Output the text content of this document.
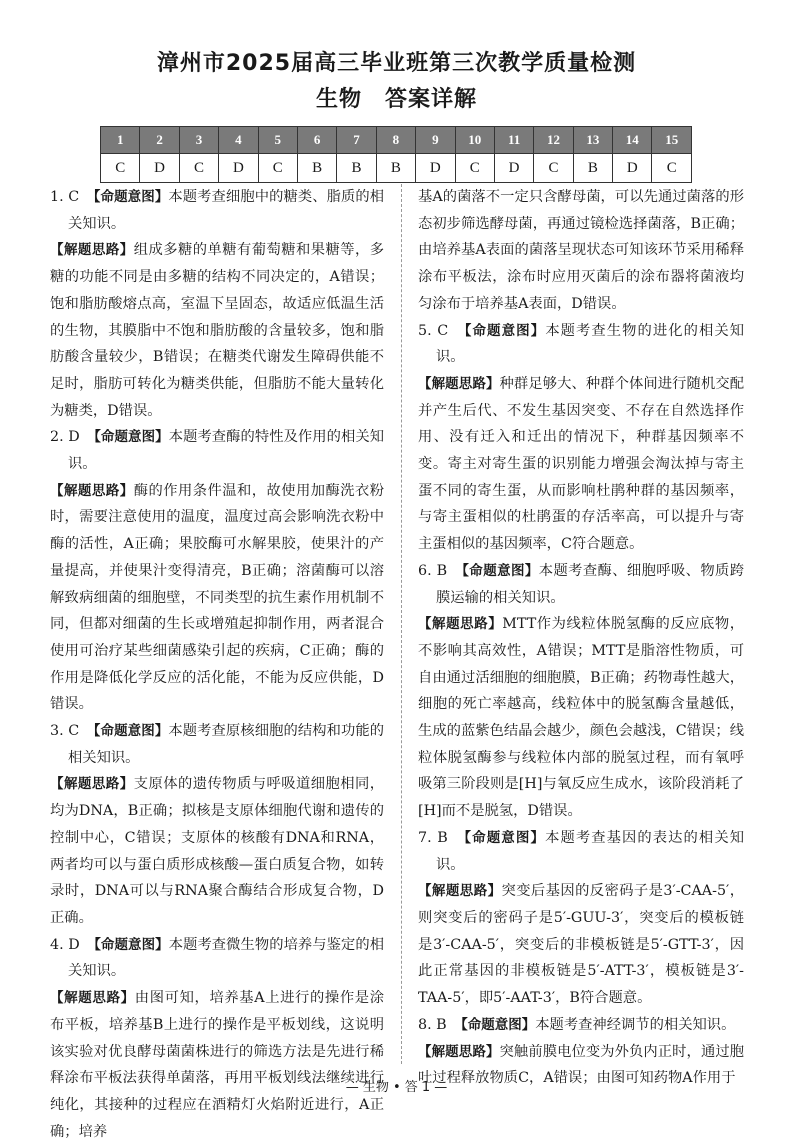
漳州市2025届高三毕业班第三次教学质量检测
生物　答案详解
1	2	3	4	5	6	7	8	9	10	11	12	13	14	15
C	D	C	D	C	B	B	B	D	C	D	C	B	D	C

1. C　【命题意图】本题考查细胞中的糖类、脂质的相关知识。

【解题思路】组成多糖的单糖有葡萄糖和果糖等，多糖的功能不同是由多糖的结构不同决定的，A错误；饱和脂肪酸熔点高，室温下呈固态，故适应低温生活的生物，其膜脂中不饱和脂肪酸的含量较多，饱和脂肪酸含量较少，B错误；在糖类代谢发生障碍供能不足时，脂肪可转化为糖类供能，但脂肪不能大量转化为糖类，D错误。

2. D　【命题意图】本题考查酶的特性及作用的相关知识。

【解题思路】酶的作用条件温和，故使用加酶洗衣粉时，需要注意使用的温度，温度过高会影响洗衣粉中酶的活性，A正确；果胶酶可水解果胶，使果汁的产量提高，并使果汁变得清亮，B正确；溶菌酶可以溶解致病细菌的细胞壁，不同类型的抗生素作用机制不同，但都对细菌的生长或增殖起抑制作用，两者混合使用可治疗某些细菌感染引起的疾病，C正确；酶的作用是降低化学反应的活化能，不能为反应供能，D错误。

3. C　【命题意图】本题考查原核细胞的结构和功能的相关知识。

【解题思路】支原体的遗传物质与呼吸道细胞相同，均为DNA，B正确；拟核是支原体细胞代谢和遗传的控制中心，C错误；支原体的核酸有DNA和RNA，两者均可以与蛋白质形成核酸—蛋白质复合物，如转录时，DNA可以与RNA聚合酶结合形成复合物，D正确。

4. D　【命题意图】本题考查微生物的培养与鉴定的相关知识。

【解题思路】由图可知，培养基A上进行的操作是涂布平板，培养基B上进行的操作是平板划线，这说明该实验对优良酵母菌菌株进行的筛选方法是先进行稀释涂布平板法获得单菌落，再用平板划线法继续进行纯化，其接种的过程应在酒精灯火焰附近进行，A正确；培养

基A的菌落不一定只含酵母菌，可以先通过菌落的形态初步筛选酵母菌，再通过镜检选择菌落，B正确；由培养基A表面的菌落呈现状态可知该环节采用稀释涂布平板法，涂布时应用灭菌后的涂布器将菌液均匀涂布于培养基A表面，D错误。

5. C　【命题意图】本题考查生物的进化的相关知识。

【解题思路】种群足够大、种群个体间进行随机交配并产生后代、不发生基因突变、不存在自然选择作用、没有迁入和迁出的情况下，种群基因频率不变。寄主对寄生蛋的识别能力增强会淘汰掉与寄主蛋不同的寄生蛋，从而影响杜鹃种群的基因频率，与寄主蛋相似的杜鹃蛋的存活率高，可以提升与寄主蛋相似的基因频率，C符合题意。

6. B　【命题意图】本题考查酶、细胞呼吸、物质跨膜运输的相关知识。

【解题思路】MTT作为线粒体脱氢酶的反应底物，不影响其高效性，A错误；MTT是脂溶性物质，可自由通过活细胞的细胞膜，B正确；药物毒性越大，细胞的死亡率越高，线粒体中的脱氢酶含量越低，生成的蓝紫色结晶会越少，颜色会越浅，C错误；线粒体脱氢酶参与线粒体内部的脱氢过程，而有氧呼吸第三阶段则是[H]与氧反应生成水，该阶段消耗了[H]而不是脱氢，D错误。

7. B　【命题意图】本题考查基因的表达的相关知识。

【解题思路】突变后基因的反密码子是3′-CAA-5′，则突变后的密码子是5′-GUU-3′，突变后的模板链是3′-CAA-5′，突变后的非模板链是5′-GTT-3′，因此正常基因的非模板链是5′-ATT-3′，模板链是3′-TAA-5′，即5′-AAT-3′，B符合题意。

8. B　【命题意图】本题考查神经调节的相关知识。

【解题思路】突触前膜电位变为外负内正时，通过胞吐过程释放物质C，A错误；由图可知药物A作用于

— 生物 • 答 1 —
